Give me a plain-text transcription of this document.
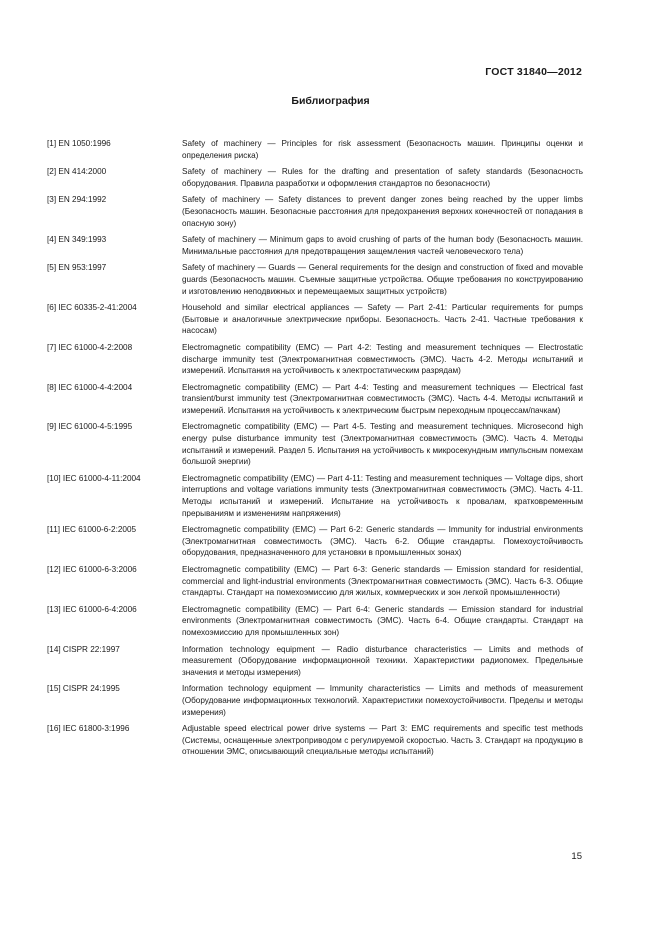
ГОСТ 31840—2012
Библиография
[1] EN 1050:1996	Safety of machinery — Principles for risk assessment (Безопасность машин. Принципы оценки и определения риска)
[2] EN 414:2000	Safety of machinery — Rules for the drafting and presentation of safety standards (Безопасность оборудования. Правила разработки и оформления стандартов по безопасности)
[3] EN 294:1992	Safety of machinery — Safety distances to prevent danger zones being reached by the upper limbs (Безопасность машин. Безопасные расстояния для предохранения верхних конечностей от попадания в опасную зону)
[4] EN 349:1993	Safety of machinery — Minimum gaps to avoid crushing of parts of the human body (Безопасность машин. Минимальные расстояния для предотвращения защемления частей человеческого тела)
[5] EN 953:1997	Safety of machinery — Guards — General requirements for the design and construction of fixed and movable guards (Безопасность машин. Съемные защитные устройства. Общие требования по конструированию и изготовлению неподвижных и перемещаемых защитных устройств)
[6] IEC 60335-2-41:2004	Household and similar electrical appliances — Safety — Part 2-41: Particular requirements for pumps (Бытовые и аналогичные электрические приборы. Безопасность. Часть 2-41. Частные требования к насосам)
[7] IEC 61000-4-2:2008	Electromagnetic compatibility (EMC) — Part 4-2: Testing and measurement techniques — Electrostatic discharge immunity test (Электромагнитная совместимость (ЭМС). Часть 4-2. Методы испытаний и измерений. Испытания на устойчивость к электростатическим разрядам)
[8] IEC 61000-4-4:2004	Electromagnetic compatibility (EMC) — Part 4-4: Testing and measurement techniques — Electrical fast transient/burst immunity test (Электромагнитная совместимость (ЭМС). Часть 4-4. Методы испытаний и измерений. Испытания на устойчивость к электрическим быстрым переходным процессам/пачкам)
[9] IEC 61000-4-5:1995	Electromagnetic compatibility (EMC) — Part 4-5. Testing and measurement techniques. Microsecond high energy pulse disturbance immunity test (Электромагнитная совместимость (ЭМС). Часть 4. Методы испытаний и измерений. Раздел 5. Испытания на устойчивость к микросекундным импульсным помехам большой энергии)
[10] IEC 61000-4-11:2004	Electromagnetic compatibility (EMC) — Part 4-11: Testing and measurement techniques — Voltage dips, short interruptions and voltage variations immunity tests (Электромагнитная совместимость (ЭМС). Часть 4-11. Методы испытаний и измерений. Испытание на устойчивость к провалам, кратковременным прерываниям и изменениям напряжения)
[11] IEC 61000-6-2:2005	Electromagnetic compatibility (EMC) — Part 6-2: Generic standards — Immunity for industrial environments (Электромагнитная совместимость (ЭМС). Часть 6-2. Общие стандарты. Помехоустойчивость оборудования, предназначенного для установки в промышленных зонах)
[12] IEC 61000-6-3:2006	Electromagnetic compatibility (EMC) — Part 6-3: Generic standards — Emission standard for residential, commercial and light-industrial environments (Электромагнитная совместимость (ЭМС). Часть 6-3. Общие стандарты. Стандарт на помехоэмиссию для жилых, коммерческих и зон легкой промышленности)
[13] IEC 61000-6-4:2006	Electromagnetic compatibility (EMC) — Part 6-4: Generic standards — Emission standard for industrial environments (Электромагнитная совместимость (ЭМС). Часть 6-4. Общие стандарты. Стандарт на помехоэмиссию для промышленных зон)
[14] CISPR 22:1997	Information technology equipment — Radio disturbance characteristics — Limits and methods of measurement (Оборудование информационной техники. Характеристики радиопомех. Предельные значения и методы измерения)
[15] CISPR 24:1995	Information technology equipment — Immunity characteristics — Limits and methods of measurement (Оборудование информационных технологий. Характеристики помехоустойчивости. Пределы и методы измерения)
[16] IEC 61800-3:1996	Adjustable speed electrical power drive systems — Part 3: EMC requirements and specific test methods (Системы, оснащенные электроприводом с регулируемой скоростью. Часть 3. Стандарт на продукцию в отношении ЭМС, описывающий специальные методы испытаний)
15
